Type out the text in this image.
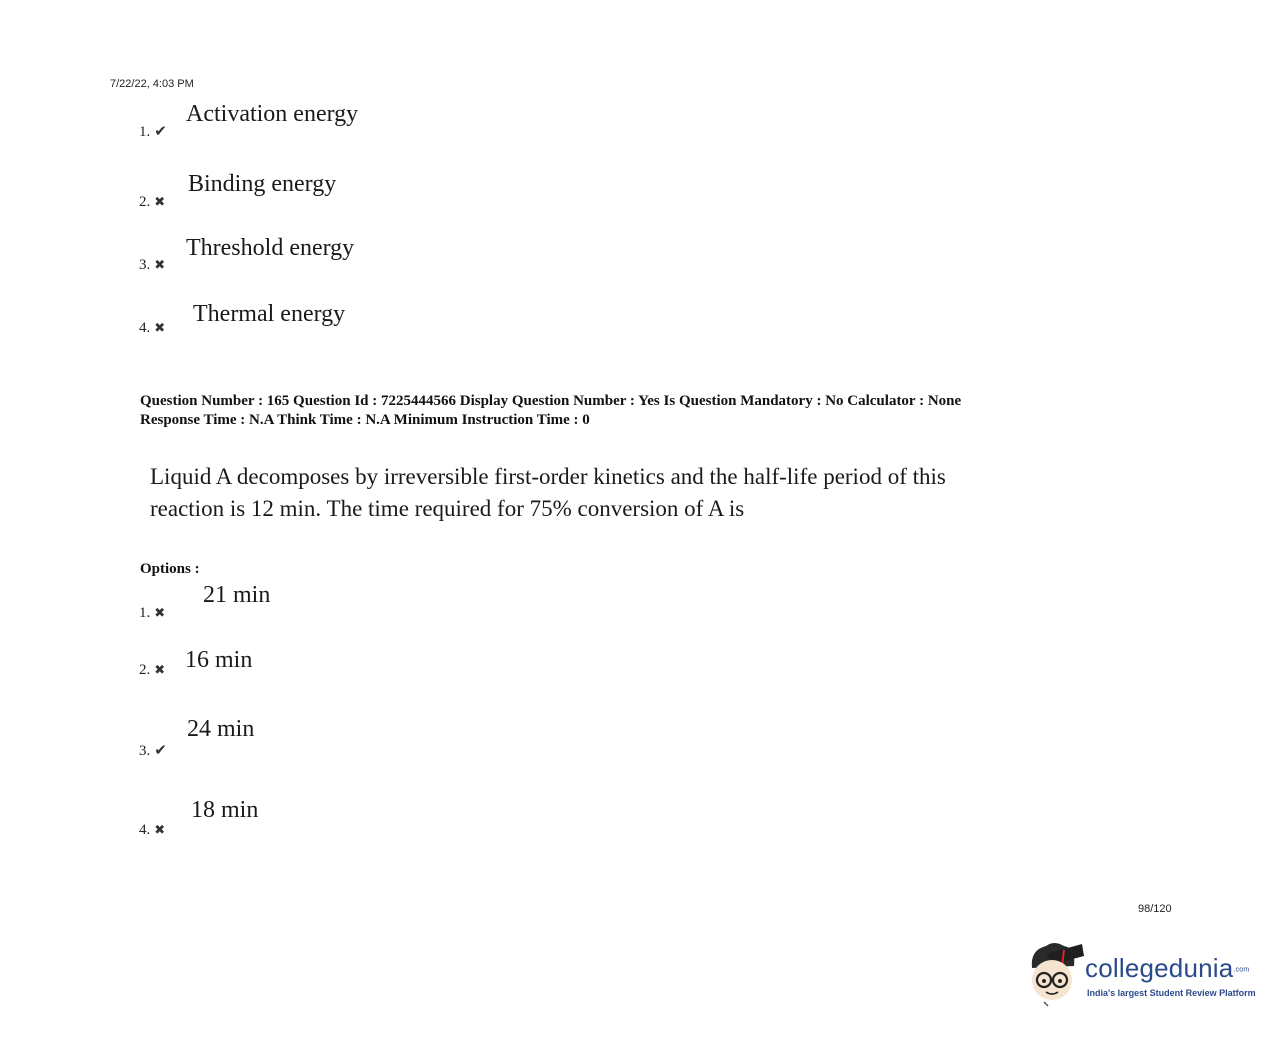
7/22/22, 4:03 PM
1. ✔
Activation energy
2. ✖
Binding energy
3. ✖
Threshold energy
4. ✖
Thermal energy
Question Number : 165 Question Id : 7225444566 Display Question Number : Yes Is Question Mandatory : No Calculator : None
Response Time : N.A Think Time : N.A Minimum Instruction Time : 0
Liquid A decomposes by irreversible first-order kinetics and the half-life period of this
reaction is 12 min. The time required for 75% conversion of A is
Options :
1. ✖
21 min
2. ✖ 16 min
3. ✔
24 min
4. ✖
18 min
98/120
collegedunia.com
India's largest Student Review Platform
